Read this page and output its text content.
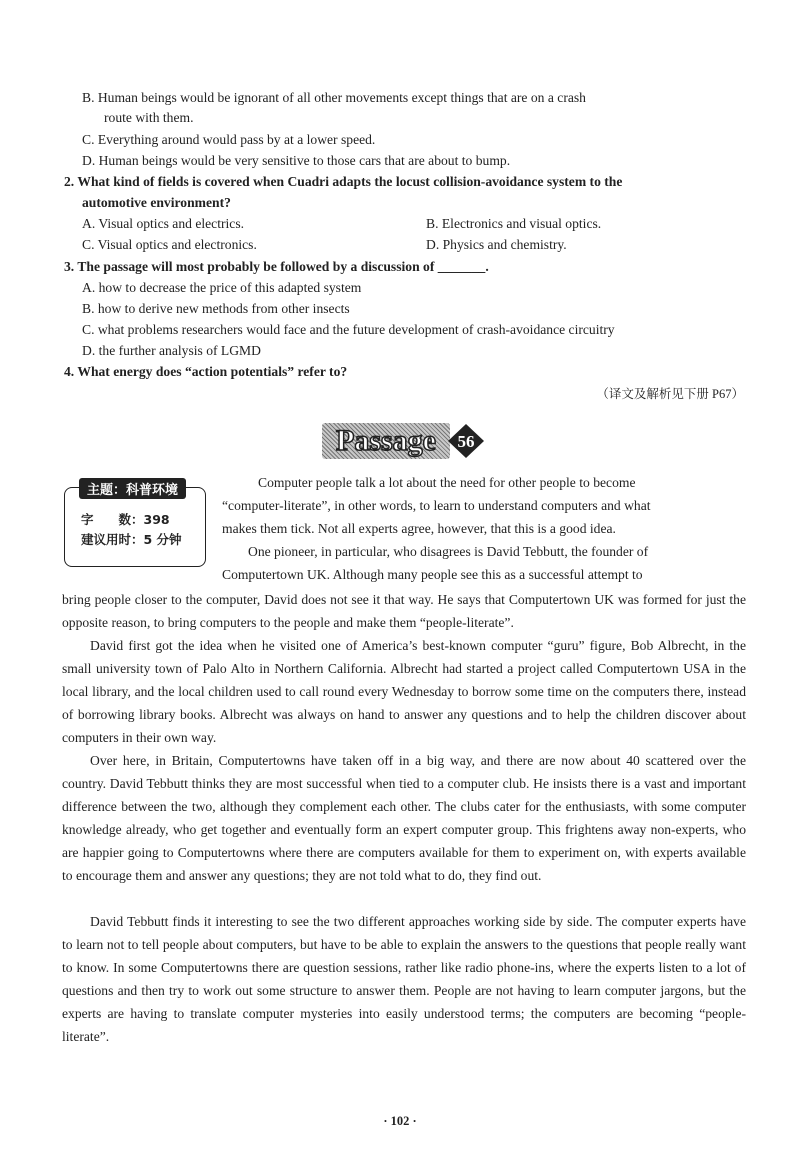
B. Human beings would be ignorant of all other movements except things that are on a crash
route with them.
C. Everything around would pass by at a lower speed.
D. Human beings would be very sensitive to those cars that are about to bump.
2. What kind of fields is covered when Cuadri adapts the locust collision-avoidance system to the
automotive environment?
A. Visual optics and electrics.	B. Electronics and visual optics.
C. Visual optics and electronics.	D. Physics and chemistry.
3. The passage will most probably be followed by a discussion of _______.
A. how to decrease the price of this adapted system
B. how to derive new methods from other insects
C. what problems researchers would face and the future development of crash-avoidance circuitry
D. the further analysis of LGMD
4. What energy does “action potentials” refer to?
（译文及解析见下册 P67）
Passage	56
主题：科普环境
字　　数：398
建议用时：5 分钟
Computer people talk a lot about the need for other people to become
“computer-literate”, in other words, to learn to understand computers and what
makes them tick. Not all experts agree, however, that this is a good idea.
One pioneer, in particular, who disagrees is David Tebbutt, the founder of
Computertown UK. Although many people see this as a successful attempt to
bring people closer to the computer, David does not see it that way. He says that Computertown UK was formed for just the opposite reason, to bring computers to the people and make them “people-literate”.
David first got the idea when he visited one of America’s best-known computer “guru” figure, Bob Albrecht, in the small university town of Palo Alto in Northern California. Albrecht had started a project called Computertown USA in the local library, and the local children used to call round every Wednesday to borrow some time on the computers there, instead of borrowing library books. Albrecht was always on hand to answer any questions and to help the children discover about computers in their own way.
Over here, in Britain, Computertowns have taken off in a big way, and there are now about 40 scattered over the country. David Tebbutt thinks they are most successful when tied to a computer club. He insists there is a vast and important difference between the two, although they complement each other. The clubs cater for the enthusiasts, with some computer knowledge already, who get together and eventually form an expert computer group. This frightens away non-experts, who are happier going to Computertowns where there are computers available for them to experiment on, with experts available to encourage them and answer any questions; they are not told what to do, they find out.
David Tebbutt finds it interesting to see the two different approaches working side by side. The computer experts have to learn not to tell people about computers, but have to be able to explain the answers to the questions that people really want to know. In some Computertowns there are question sessions, rather like radio phone-ins, where the experts listen to a lot of questions and then try to work out some structure to answer them. People are not having to learn computer jargons, but the experts are having to translate computer mysteries into easily understood terms; the computers are becoming “people-literate”.
· 102 ·
